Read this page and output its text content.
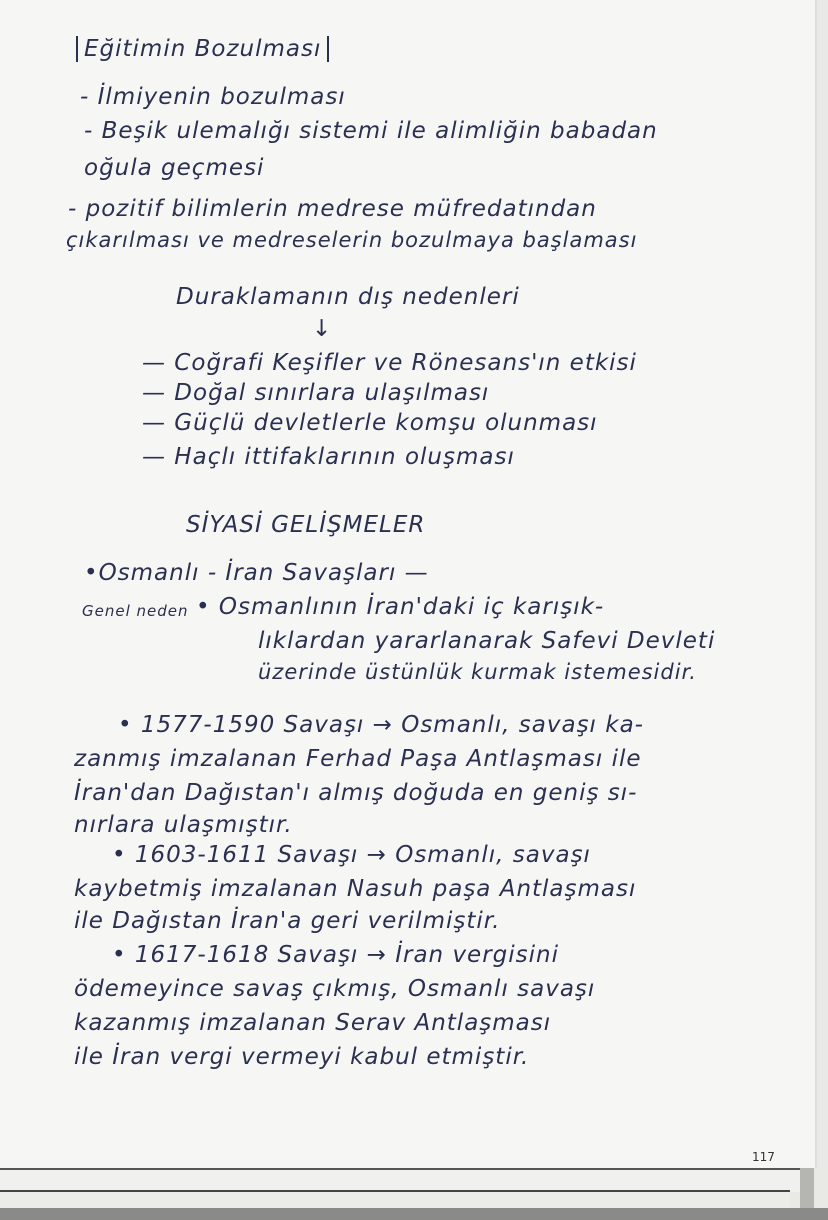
Eğitimin Bozulması
- İlmiyenin bozulması
- Beşik ulemalığı sistemi ile alimliğin babadan
oğula geçmesi
- pozitif bilimlerin medrese müfredatından
çıkarılması ve medreselerin bozulmaya başlaması
Duraklamanın dış nedenleri
↓
— Coğrafi Keşifler ve Rönesans'ın etkisi
— Doğal sınırlara ulaşılması
— Güçlü devletlerle komşu olunması
— Haçlı ittifaklarının oluşması
SİYASİ GELİŞMELER
•Osmanlı - İran Savaşları —
Genel neden • Osmanlının İran'daki iç karışık-
lıklardan yararlanarak Safevi Devleti
üzerinde üstünlük kurmak istemesidir.
• 1577-1590 Savaşı → Osmanlı, savaşı ka-
zanmış imzalanan Ferhad Paşa Antlaşması ile
İran'dan Dağıstan'ı almış doğuda en geniş sı-
nırlara ulaşmıştır.
• 1603-1611 Savaşı → Osmanlı, savaşı
kaybetmiş imzalanan Nasuh paşa Antlaşması
ile Dağıstan İran'a geri verilmiştir.
• 1617-1618 Savaşı → İran vergisini
ödemeyince savaş çıkmış, Osmanlı savaşı
kazanmış imzalanan Serav Antlaşması
ile İran vergi vermeyi kabul etmiştir.
117
